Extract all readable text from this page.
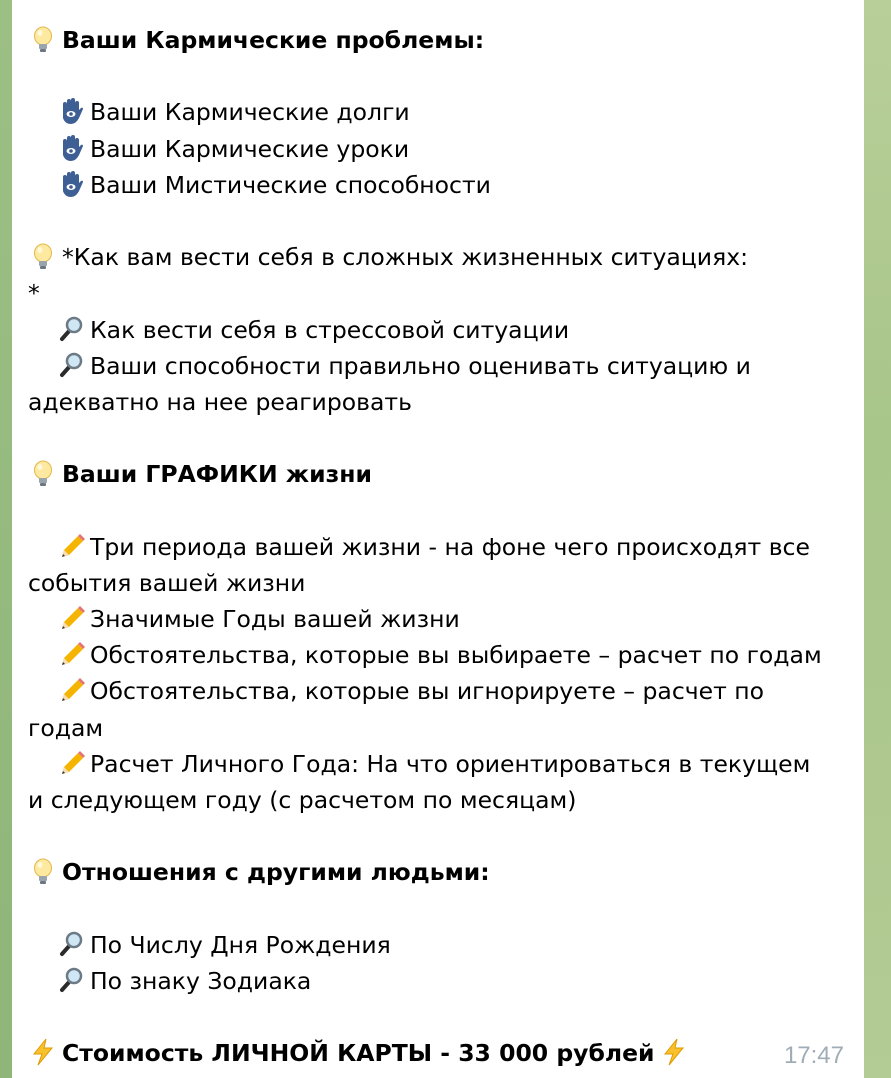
Ваши Кармические проблемы:
Ваши Кармические долги
Ваши Кармические уроки
Ваши Мистические способности
*Как вам вести себя в сложных жизненных ситуациях:
*
Как вести себя в стрессовой ситуации
Ваши способности правильно оценивать ситуацию и
адекватно на нее реагировать
Ваши ГРАФИКИ жизни
Три периода вашей жизни - на фоне чего происходят все
события вашей жизни
Значимые Годы вашей жизни
Обстоятельства, которые вы выбираете – расчет по годам
Обстоятельства, которые вы игнорируете – расчет по
годам
Расчет Личного Года: На что ориентироваться в текущем
и следующем году (с расчетом по месяцам)
Отношения с другими людьми:
По Числу Дня Рождения
По знаку Зодиака
Стоимость ЛИЧНОЙ КАРТЫ - 33 000 рублей	17:47
